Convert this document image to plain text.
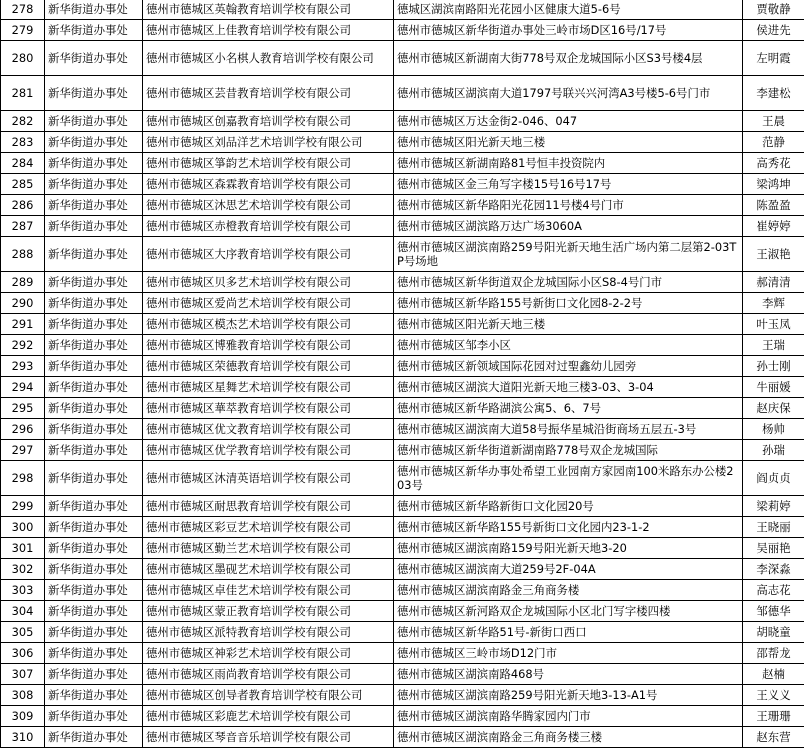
278	新华街道办事处	德州市德城区英翰教育培训学校有限公司	德城区湖滨南路阳光花园小区健康大道5-6号	贾敬静
279	新华街道办事处	德州市德城区上佳教育培训学校有限公司	德州市德城区新华街道办事处三岭市场D区16号/17号	侯进先
280	新华街道办事处	德州市德城区小名棋人教育培训学校有限公司	德州市德城区新湖南大街778号双企龙城国际小区S3号楼4层	左明霞
281	新华街道办事处	德州市德城区芸昔教育培训学校有限公司	德州市德城区湖滨南大道1797号联兴兴河湾A3号楼5-6号门市	李建松
282	新华街道办事处	德州市德城区创嘉教育培训学校有限公司	德州市德城区万达金街2-046、047	王晨
283	新华街道办事处	德州市德城区刘品洋艺术培训学校有限公司	德州市德城区阳光新天地三楼	范静
284	新华街道办事处	德州市德城区箏韵艺术培训学校有限公司	德州市德城区新湖南路81号恒丰投资院内	高秀花
285	新华街道办事处	德州市德城区森霖教育培训学校有限公司	德州市德城区金三角写字楼15号16号17号	梁鸿坤
286	新华街道办事处	德州市德城区沐思艺术培训学校有限公司	德州市德城区新华路阳光花园11号楼4号门市	陈盈盈
287	新华街道办事处	德州市德城区赤橙教育培训学校有限公司	德州市德城区湖滨路万达广场3060A	崔婷婷
288	新华街道办事处	德州市德城区大序教育培训学校有限公司	德州市德城区湖滨南路259号阳光新天地生活广场内第二层第2-03TP号场地	王淑艳
289	新华街道办事处	德州市德城区贝多艺术培训学校有限公司	德州市德城区新华街道双企龙城国际小区S8-4号门市	郝清清
290	新华街道办事处	德州市德城区爱尚艺术培训学校有限公司	德州市德城区新华路155号新街口文化园8-2-2号	李辉
291	新华街道办事处	德州市德城区模杰艺术培训学校有限公司	德州市德城区阳光新天地三楼	叶玉凤
292	新华街道办事处	德州市德城区博雅教育培训学校有限公司	德州市德城区邹李小区	王瑞
293	新华街道办事处	德州市德城区荣德教育培训学校有限公司	德州市德城区新领域国际花园对过聖鑫幼儿园旁	孙士刚
294	新华街道办事处	德州市德城区星舞艺术培训学校有限公司	德州市德城区湖滨大道阳光新天地三楼3-03、3-04	牛丽媛
295	新华街道办事处	德州市德城区華萃教育培训学校有限公司	德州市德城区新华路湖滨公寓5、6、7号	赵庆保
296	新华街道办事处	德州市德城区优文教育培训学校有限公司	德州市德城区湖滨南大道58号振华星城沿街商场五层五-3号	杨帅
297	新华街道办事处	德州市德城区优学教育培训学校有限公司	德州市德城区新华街道新湖南路778号双企龙城国际	孙瑞
298	新华街道办事处	德州市德城区沐清英语培训学校有限公司	德州市德城区新华办事处希望工业园南方家园南100米路东办公楼203号	阎贞贞
299	新华街道办事处	德州市德城区耐思教育培训学校有限公司	德州市德城区新华路新街口文化园20号	梁莉婷
300	新华街道办事处	德州市德城区彩豆艺术培训学校有限公司	德州市德城区新华路155号新街口文化园内23-1-2	王晓丽
301	新华街道办事处	德州市德城区勤兰艺术培训学校有限公司	德州市德城区湖滨南路159号阳光新天地3-20	吴丽艳
302	新华街道办事处	德州市德城区墨砚艺术培训学校有限公司	德州市德城区湖滨南大道259号2F-04A	李深淼
303	新华街道办事处	德州市德城区卓佳艺术培训学校有限公司	德州市德城区湖滨南路金三角商务楼	高志花
304	新华街道办事处	德州市德城区蒙正教育培训学校有限公司	德州市德城区新河路双企龙城国际小区北门写字楼四楼	邹德华
305	新华街道办事处	德州市德城区派特教育培训学校有限公司	德州市德城区新华路51号-新街口西口	胡晓童
306	新华街道办事处	德州市德城区神彩艺术培训学校有限公司	德州市德城区三岭市场D12门市	邵帮龙
307	新华街道办事处	德州市德城区雨尚教育培训学校有限公司	德州市德城区湖滨南路468号	赵楠
308	新华街道办事处	德州市德城区创导者教育培训学校有限公司	德州市德城区湖滨南路259号阳光新天地3-13-A1号	王义义
309	新华街道办事处	德州市德城区彩鹿艺术培训学校有限公司	德州市德城区湖滨南路华腾家园内门市	王珊珊
310	新华街道办事处	德州市德城区琴音音乐培训学校有限公司	德州市德城区湖滨南路金三角商务楼三楼	赵东营
